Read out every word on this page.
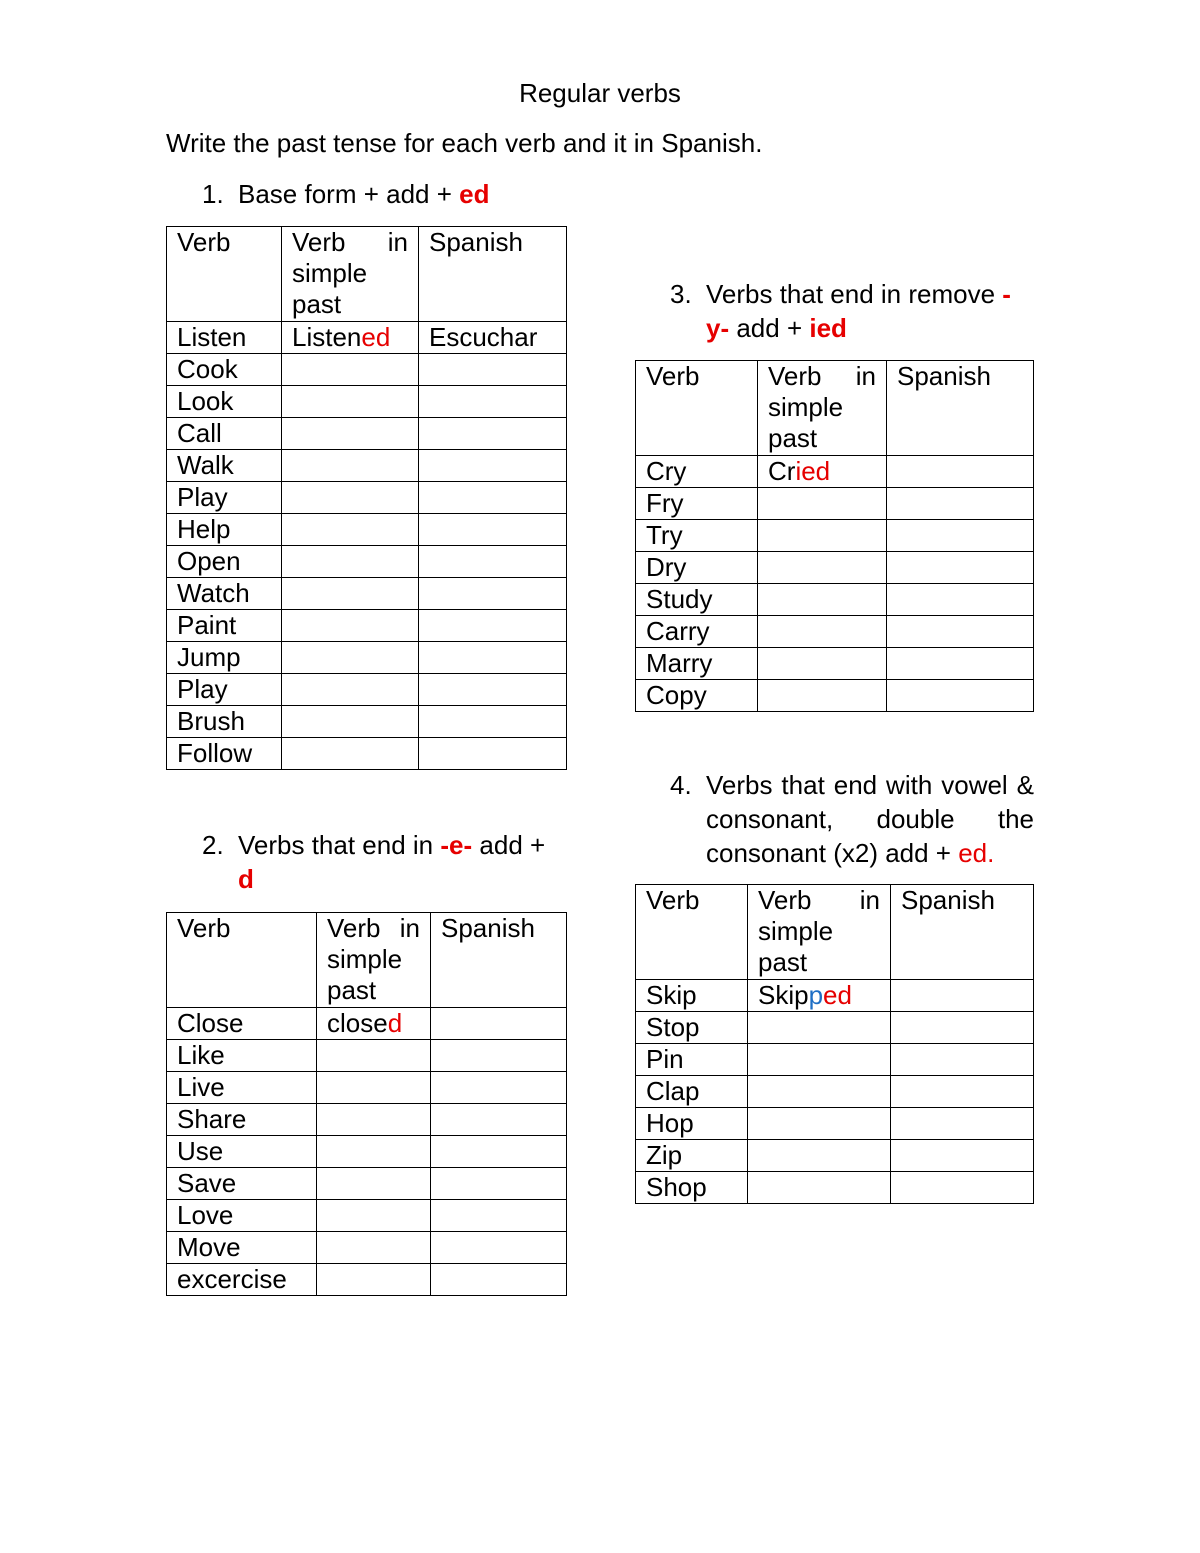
Regular verbs
Write the past tense for each verb and it in Spanish.
1. Base form + add + ed
Verb	Verb in
simple
past	Spanish
Listen	Listened	Escuchar
Cook		
Look		
Call		
Walk		
Play		
Help		
Open		
Watch		
Paint		
Jump		
Play		
Brush		
Follow		
2. Verbs that end in -e- add + d
Verb	Verb in
simple
past	Spanish
Close	closed	
Like		
Live		
Share		
Use		
Save		
Love		
Move		
excercise		
3. Verbs that end in remove - y- add + ied
Verb	Verb in
simple
past	Spanish
Cry	Cried	
Fry		
Try		
Dry		
Study		
Carry		
Marry		
Copy		
4. Verbs that end with vowel & consonant, double the consonant (x2) add + ed.
Verb	Verb in
simple
past	Spanish
Skip	Skipped	
Stop		
Pin		
Clap		
Hop		
Zip		
Shop		
